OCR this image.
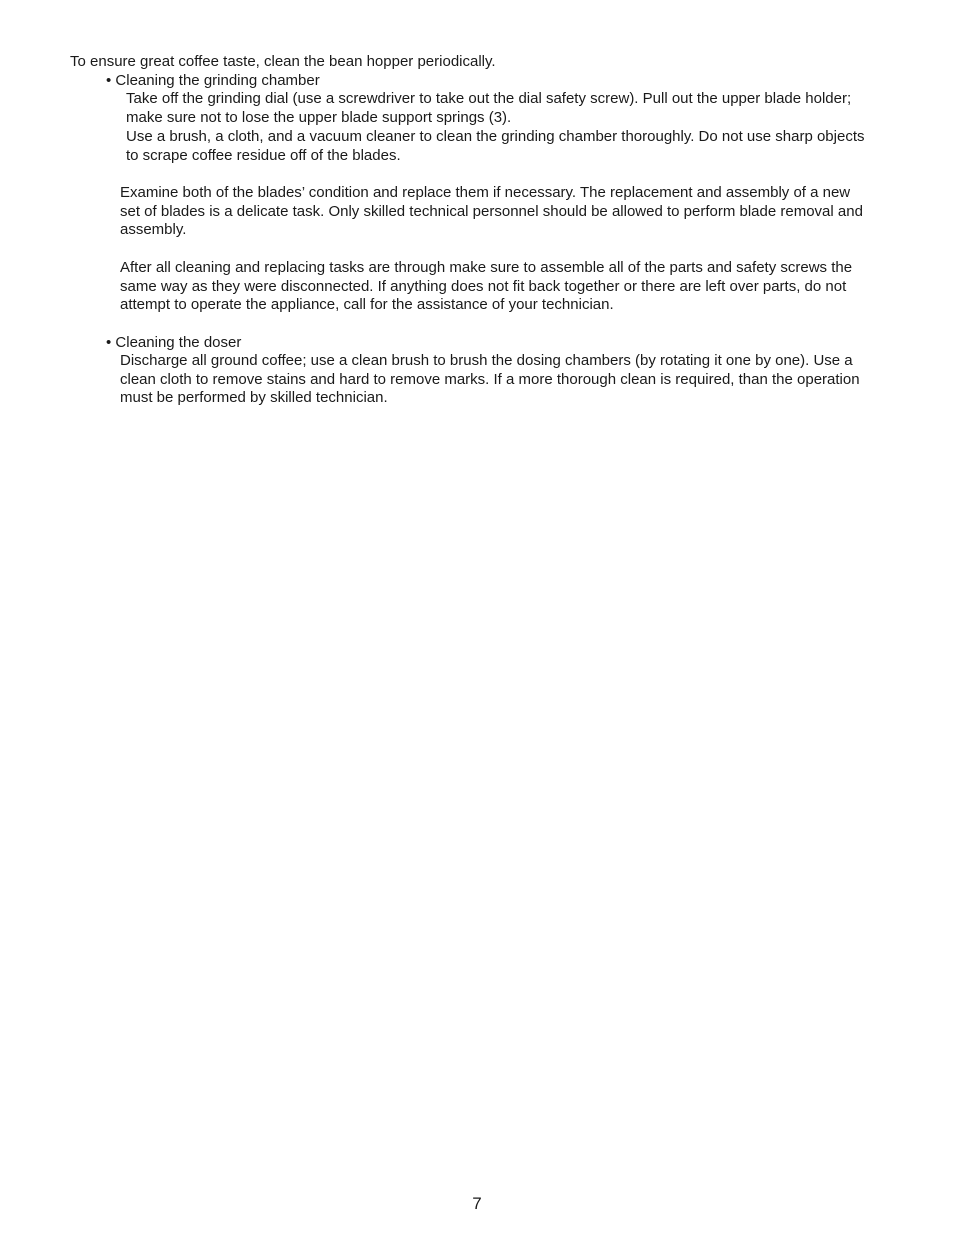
To ensure great coffee taste, clean the bean hopper periodically.

• Cleaning the grinding chamber

Take off the grinding dial (use a screwdriver to take out the dial safety screw). Pull out the upper blade holder; make sure not to lose the upper blade support springs (3).

Use a brush, a cloth, and a vacuum cleaner to clean the grinding chamber thoroughly. Do not use sharp objects to scrape coffee residue off of the blades.

Examine both of the blades’ condition and replace them if necessary. The replacement and assembly of a new set of blades is a delicate task. Only skilled technical personnel should be allowed to perform blade removal and assembly.

After all cleaning and replacing tasks are through make sure to assemble all of the parts and safety screws the same way as they were disconnected. If anything does not fit back together or there are left over parts, do not attempt to operate the appliance, call for the assistance of your technician.

• Cleaning the doser

Discharge all ground coffee; use a clean brush to brush the dosing chambers (by rotating it one by one). Use a clean cloth to remove stains and hard to remove marks. If a more thorough clean is required, than the operation must be performed by skilled technician.

7
